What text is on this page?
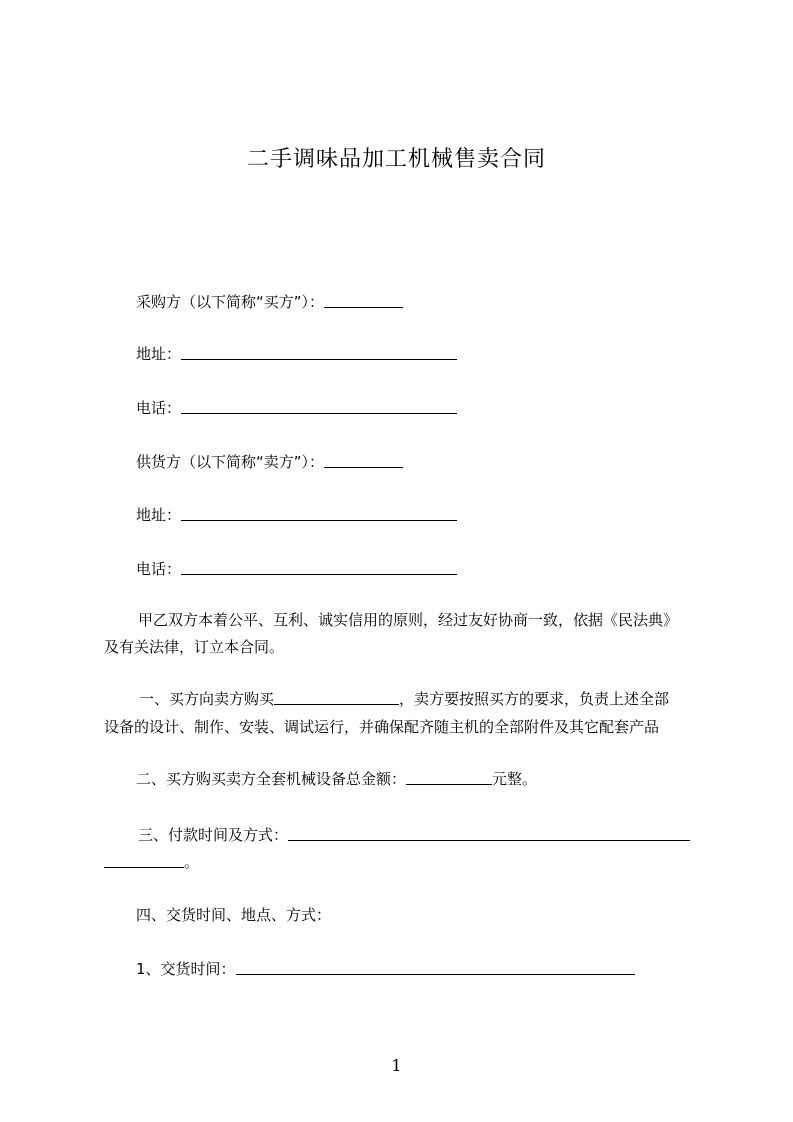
二手调味品加工机械售卖合同
采购方（以下简称“买方”）：
地址：
电话：
供货方（以下简称“卖方”）：
地址：
电话：
甲乙双方本着公平、互利、诚实信用的原则，经过友好协商一致，依据《民法典》
及有关法律，订立本合同。
一、买方向卖方购买	，卖方要按照买方的要求，负责上述全部
设备的设计、制作、安装、调试运行，并确保配齐随主机的全部附件及其它配套产品
二、买方购买卖方全套机械设备总金额：	元整。
三、付款时间及方式：
。
四、交货时间、地点、方式：
1、交货时间：
1
